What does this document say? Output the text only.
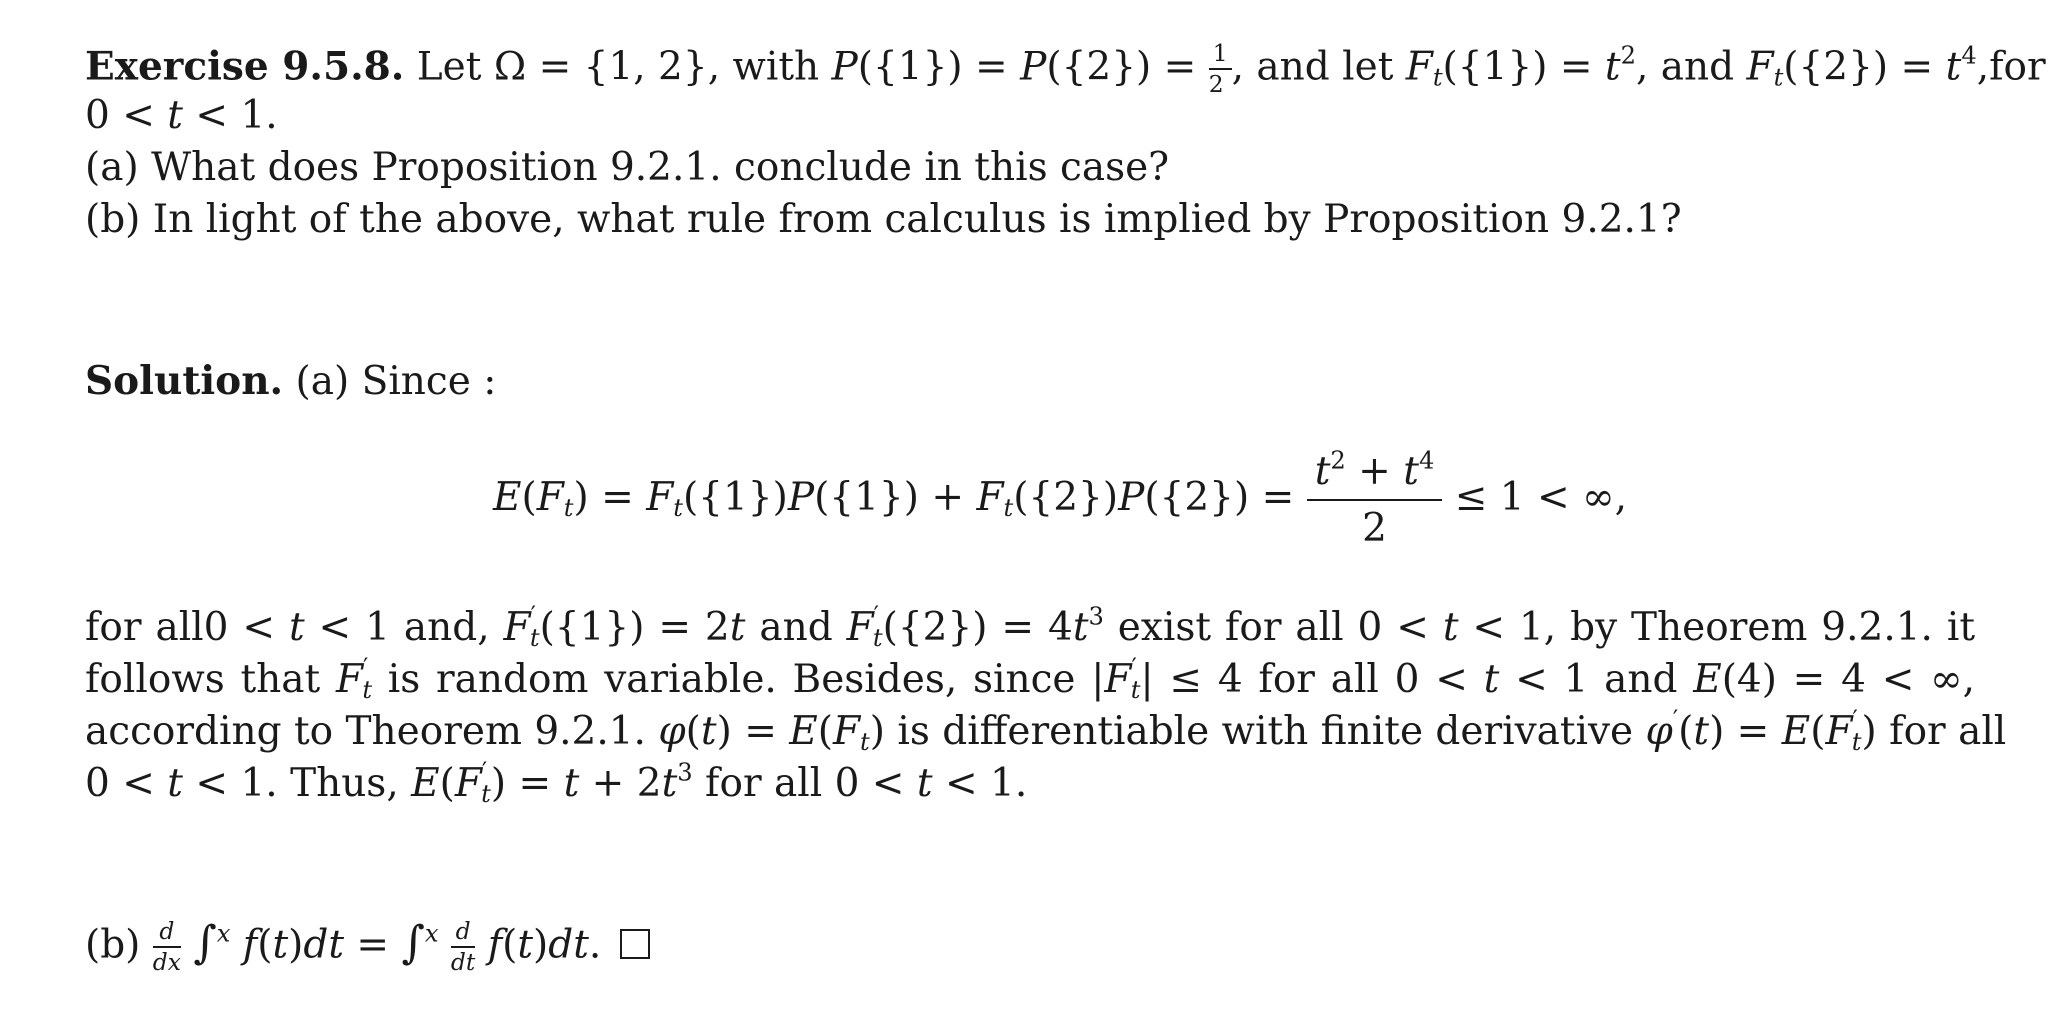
Exercise 9.5.8. Let Ω = {1, 2}, with $P(\{1\}) = P(\{2\}) = \frac{1}{2}$ , and let $F_t(\{1\}) = t^2$, and $F_t(\{2\}) = t^4,for$
0 < t < 1.
(a) What does Proposition 9.2.1. conclude in this case?
(b) In light of the above, what rule from calculus is implied by Proposition 9.2.1?
Solution. (a) Since :
$E(F_t) = F_t(\{1\})P(\{1\}) + F_t(\{2\})P(\{2\}) = \frac{t^2 + t^4}{2} \le 1$ < ∞,
for all0 < t < 1 and, $F'_t(\{1\}) = 2t$ and $F'_t(\{2\}) = 4t^3$ exist for all 0 < t < 1, by Theorem 9.2.1. it
follows that $F'_t$ is random variable. Besides, since $|F'_t| \le 4$ for all 0 < t < 1 and E(4) = 4 < ∞,
according to Theorem 9.2.1. $\varphi(t) = E(F_t)$ is differentiable with finite derivative $\varphi'(t) = E(F'_t)$ for all
0 < t < 1. Thus, $E(F'_t) = t + 2t^3$ for all 0 < t < 1.
$(b) \frac{d}{dx} \int^x$ $f(t)dt = \int^x \frac{d}{dt} f(t)dt$.
